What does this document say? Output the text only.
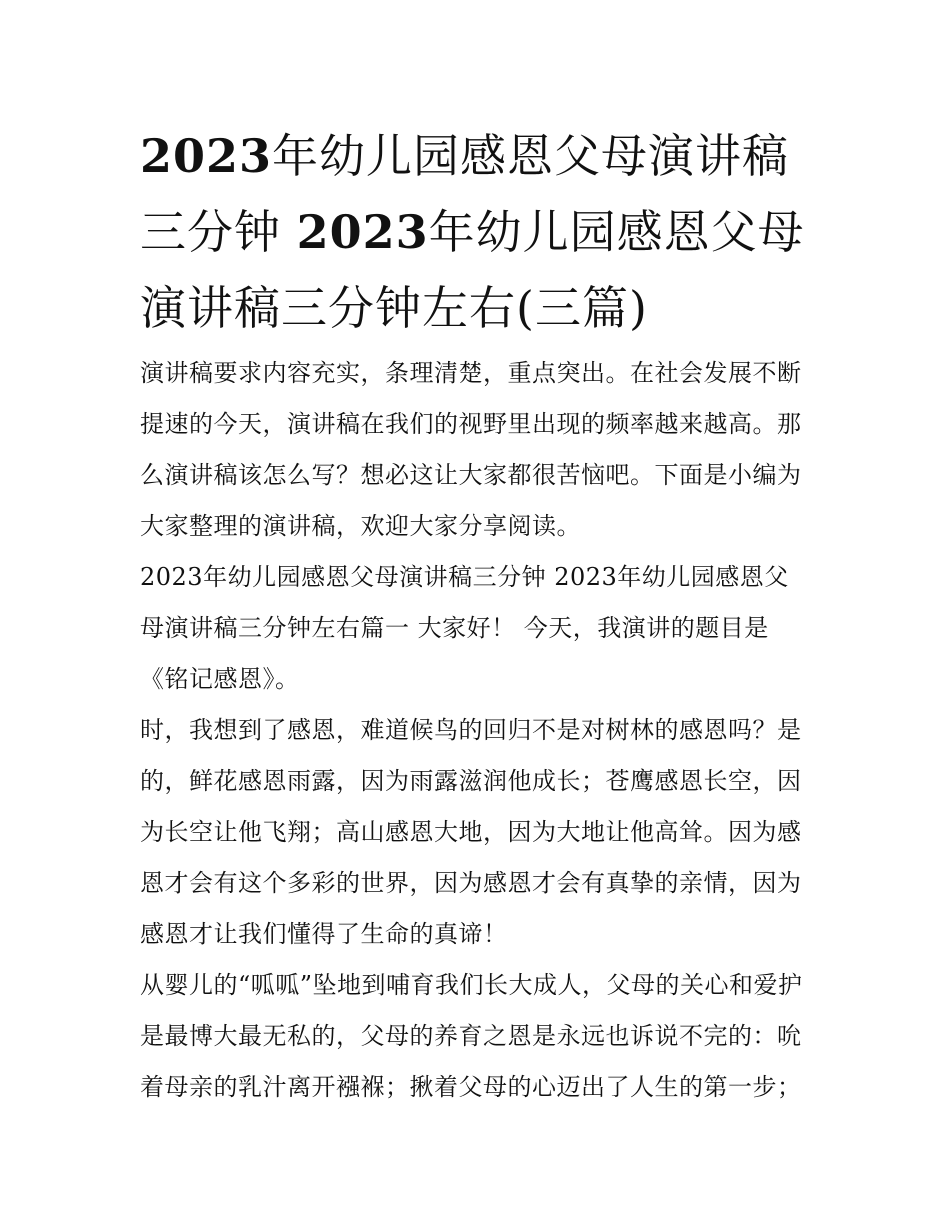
2023年幼儿园感恩父母演讲稿三分钟 2023年幼儿园感恩父母演讲稿三分钟左右(三篇)

演讲稿要求内容充实，条理清楚，重点突出。在社会发展不断提速的今天，演讲稿在我们的视野里出现的频率越来越高。那么演讲稿该怎么写？想必这让大家都很苦恼吧。下面是小编为大家整理的演讲稿，欢迎大家分享阅读。

2023年幼儿园感恩父母演讲稿三分钟 2023年幼儿园感恩父母演讲稿三分钟左右篇一 大家好！ 今天，我演讲的题目是《铭记感恩》。

时，我想到了感恩，难道候鸟的回归不是对树林的感恩吗？是的，鲜花感恩雨露，因为雨露滋润他成长；苍鹰感恩长空，因为长空让他飞翔；高山感恩大地，因为大地让他高耸。因为感恩才会有这个多彩的世界，因为感恩才会有真挚的亲情，因为感恩才让我们懂得了生命的真谛！

从婴儿的“呱呱”坠地到哺育我们长大成人，父母的关心和爱护是最博大最无私的，父母的养育之恩是永远也诉说不完的：吮着母亲的乳汁离开襁褓；揪着父母的心迈出了人生的第一步；
